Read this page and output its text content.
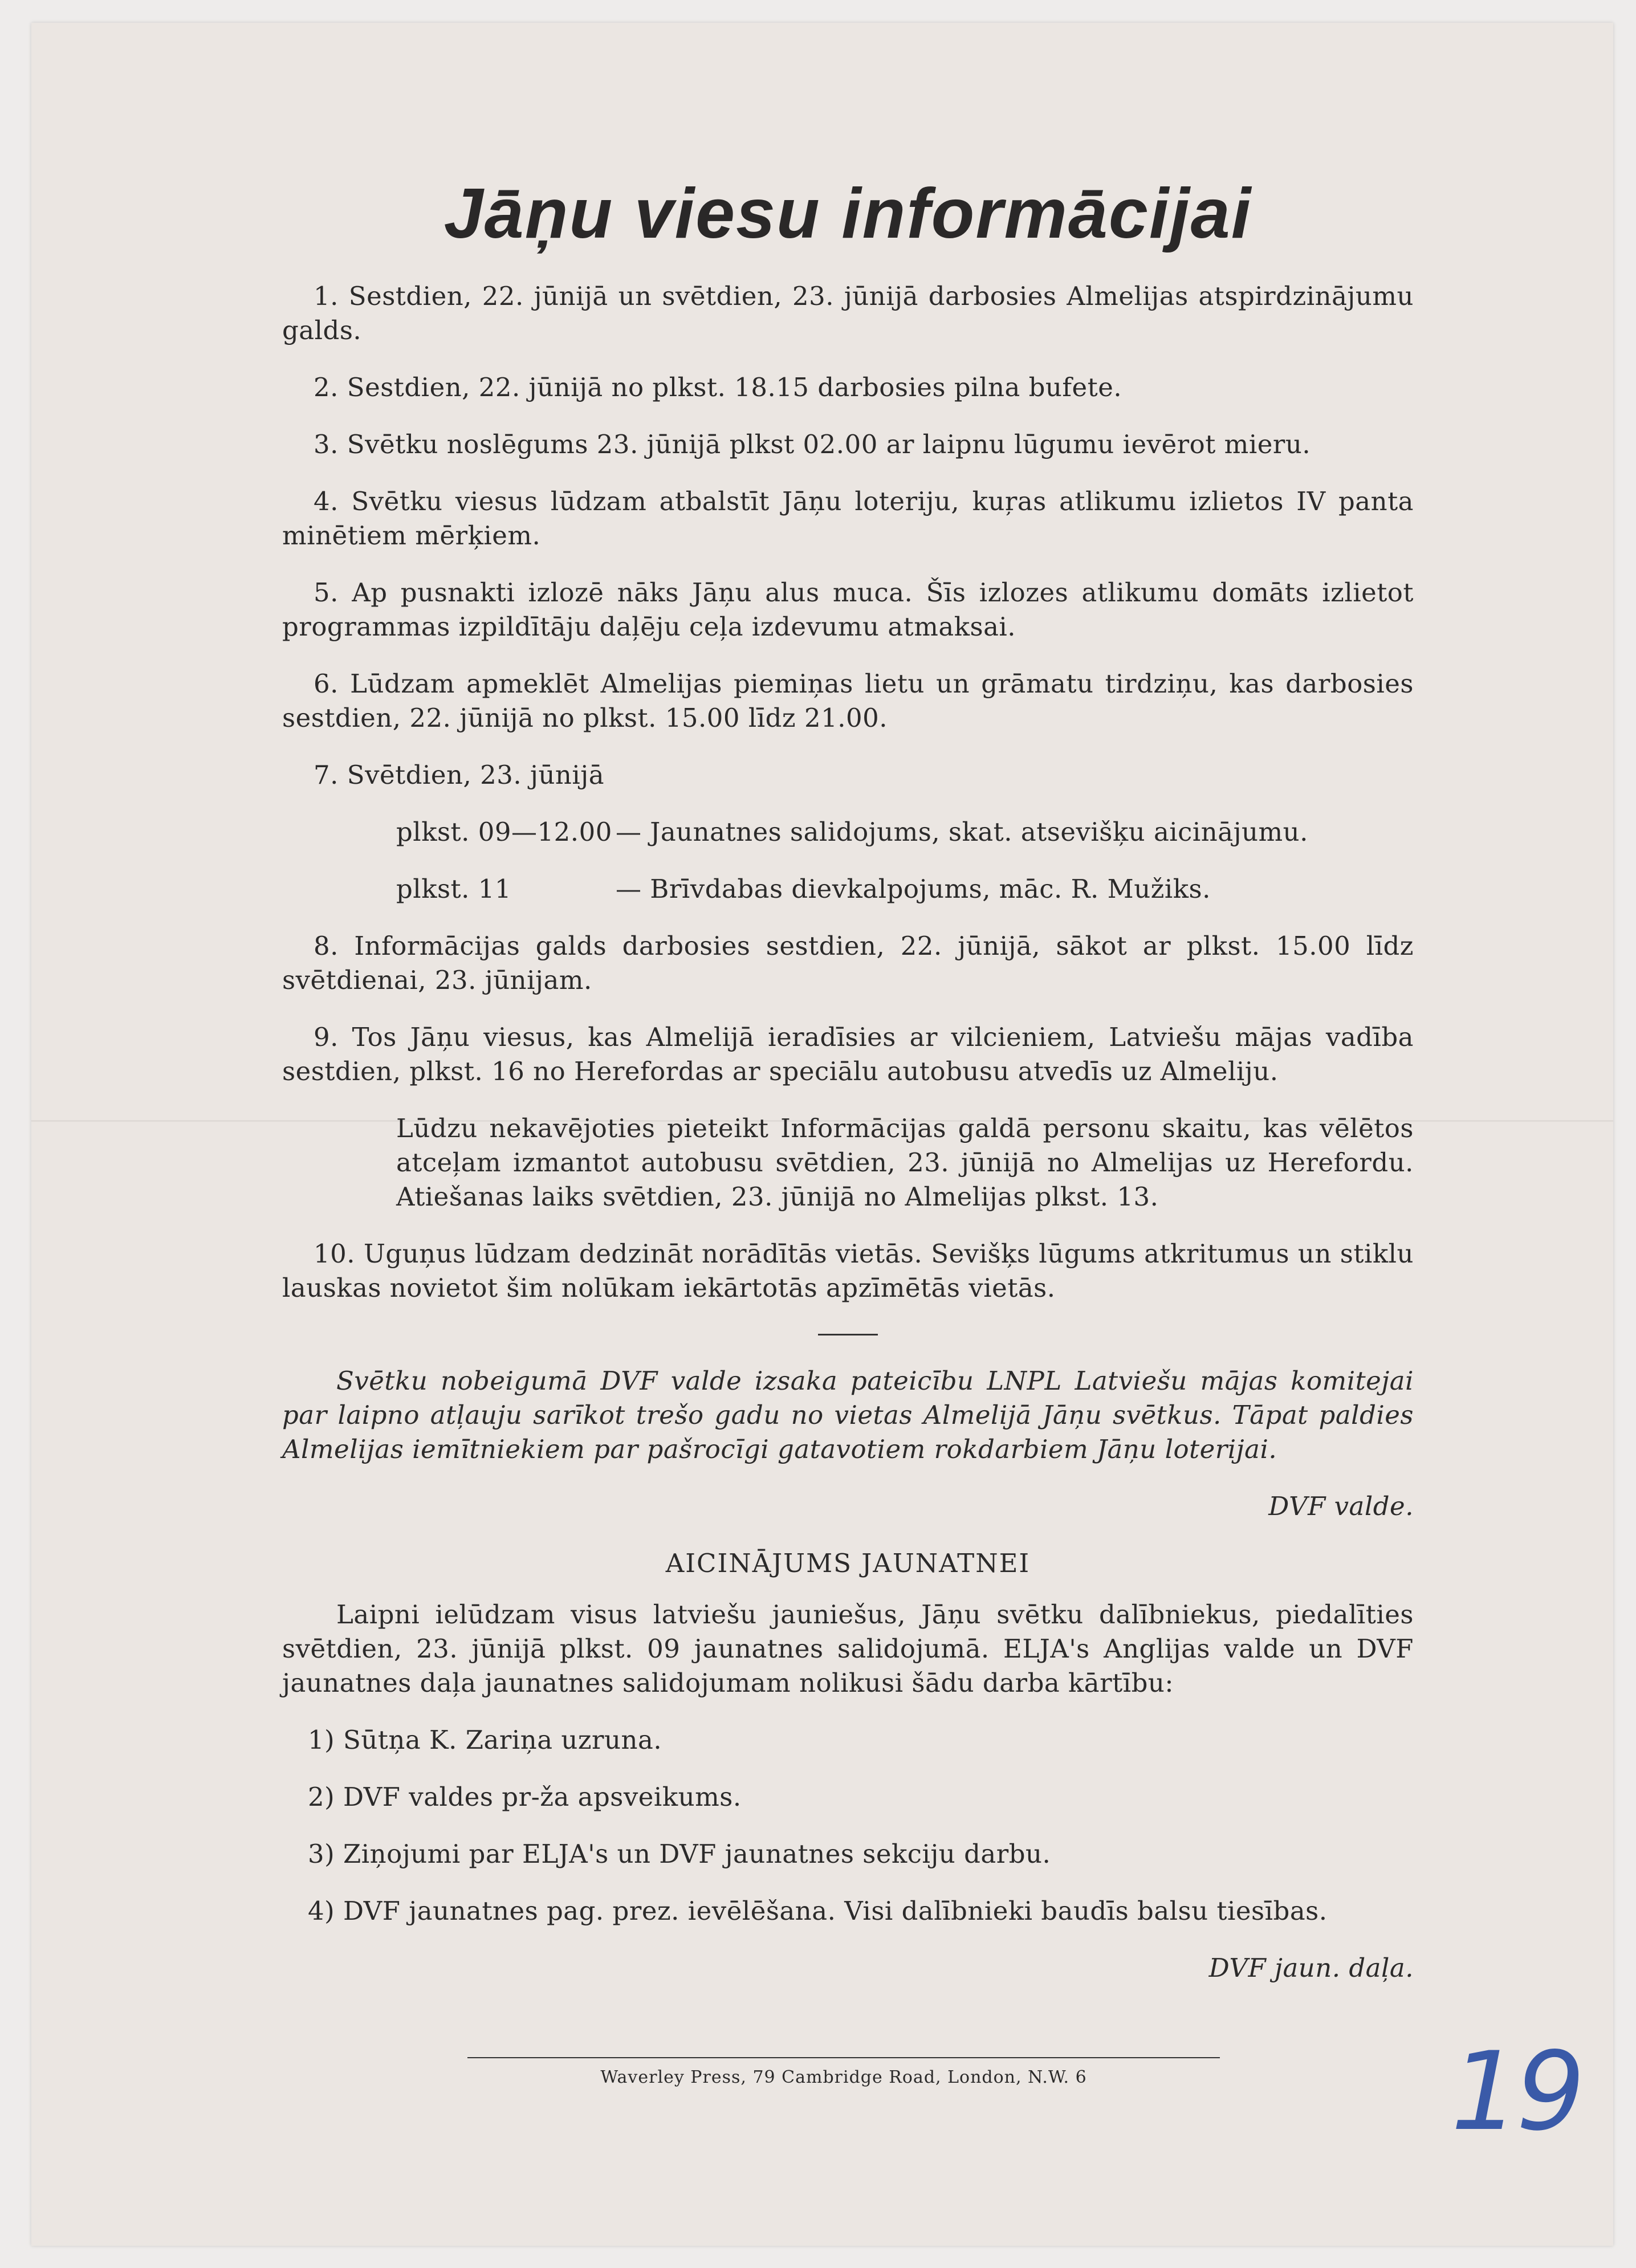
Jāņu viesu informācijai

1. Sestdien, 22. jūnijā un svētdien, 23. jūnijā darbosies Almelijas atspirdzinājumu galds.

2. Sestdien, 22. jūnijā no plkst. 18.15 darbosies pilna bufete.

3. Svētku noslēgums 23. jūnijā plkst 02.00 ar laipnu lūgumu ievērot mieru.

4. Svētku viesus lūdzam atbalstīt Jāņu loteriju, kuŗas atlikumu izlietos IV panta minētiem mērķiem.

5. Ap pusnakti izlozē nāks Jāņu alus muca. Šīs izlozes atlikumu domāts izlietot programmas izpildītāju daļēju ceļa izdevumu atmaksai.

6. Lūdzam apmeklēt Almelijas piemiņas lietu un grāmatu tirdziņu, kas darbosies sestdien, 22. jūnijā no plkst. 15.00 līdz 21.00.

7. Svētdien, 23. jūnijā

plkst. 09—12.00 — Jaunatnes salidojums, skat. atsevišķu aicinājumu.
plkst. 11	— Brīvdabas dievkalpojums, māc. R. Mužiks.

8. Informācijas galds darbosies sestdien, 22. jūnijā, sākot ar plkst. 15.00 līdz svētdienai, 23. jūnijam.

9. Tos Jāņu viesus, kas Almelijā ieradīsies ar vilcieniem, Latviešu mājas vadība sestdien, plkst. 16 no Herefordas ar speciālu autobusu atvedīs uz Almeliju.

Lūdzu nekavējoties pieteikt Informācijas galdā personu skaitu, kas vēlētos atceļam izmantot autobusu svētdien, 23. jūnijā no Almelijas uz Herefordu. Atiešanas laiks svētdien, 23. jūnijā no Almelijas plkst. 13.

10. Uguņus lūdzam dedzināt norādītās vietās. Sevišķs lūgums atkritumus un stiklu lauskas novietot šim nolūkam iekārtotās apzīmētās vietās.

Svētku nobeigumā DVF valde izsaka pateicību LNPL Latviešu mājas komitejai par laipno atļauju sarīkot trešo gadu no vietas Almelijā Jāņu svētkus. Tāpat paldies Almelijas iemītniekiem par pašrocīgi gatavotiem rokdarbiem Jāņu loterijai.

DVF valde.

AICINĀJUMS JAUNATNEI

Laipni ielūdzam visus latviešu jauniešus, Jāņu svētku dalībniekus, piedalīties svētdien, 23. jūnijā plkst. 09 jaunatnes salidojumā. ELJA's Anglijas valde un DVF jaunatnes daļa jaunatnes salidojumam nolikusi šādu darba kārtību:

1) Sūtņa K. Zariņa uzruna.

2) DVF valdes pr-ža apsveikums.

3) Ziņojumi par ELJA's un DVF jaunatnes sekciju darbu.

4) DVF jaunatnes pag. prez. ievēlēšana. Visi dalībnieki baudīs balsu tiesības.

DVF jaun. daļa.

Waverley Press, 79 Cambridge Road, London, N.W. 6	19
